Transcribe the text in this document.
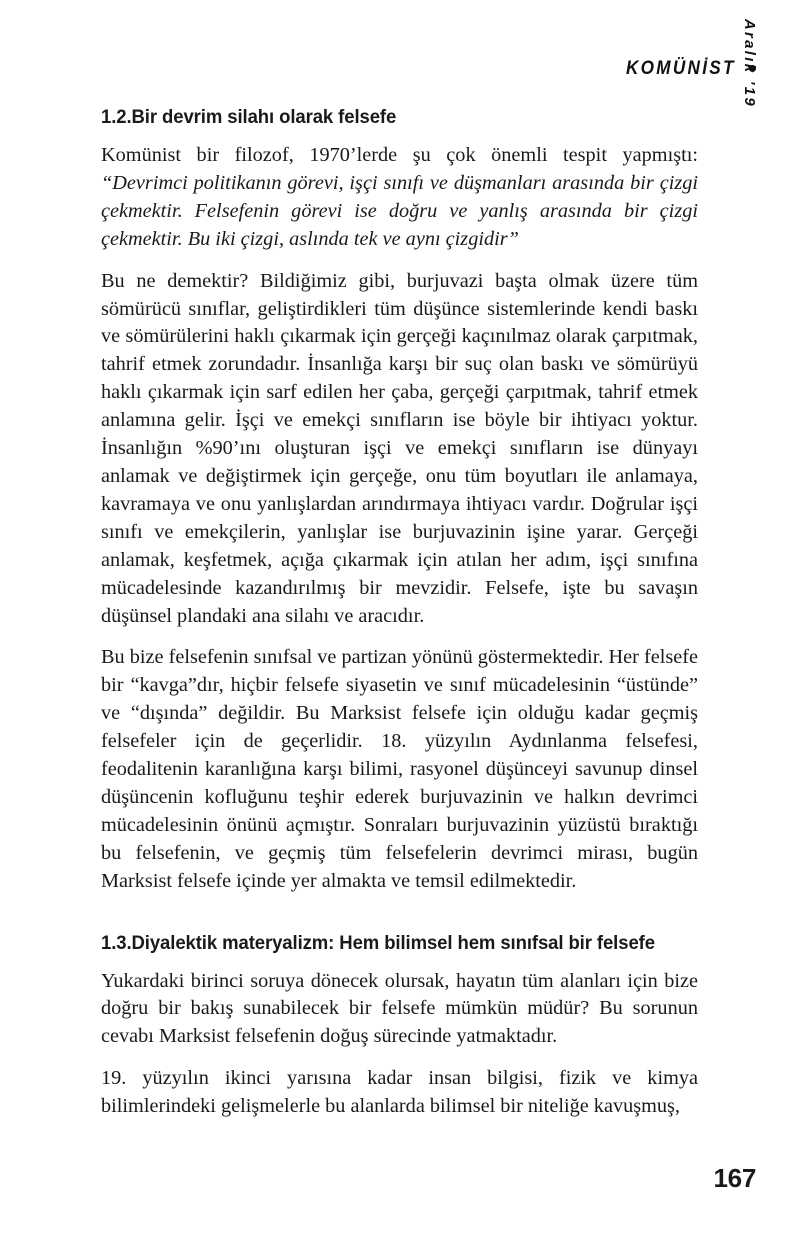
KOMÜNİST Aralık '19
1.2.Bir devrim silahı olarak felsefe

Komünist bir filozof, 1970’lerde şu çok önemli tespit yapmıştı:

“Devrimci politikanın görevi, işçi sınıfı ve düşmanları arasında bir çizgi çekmektir. Felsefenin görevi ise doğru ve yanlış arasında bir çizgi çekmektir. Bu iki çizgi, aslında tek ve aynı çizgidir”

Bu ne demektir? Bildiğimiz gibi, burjuvazi başta olmak üzere tüm sömürücü sınıflar, geliştirdikleri tüm düşünce sistemlerinde kendi baskı ve sömürülerini haklı çıkarmak için gerçeği kaçınılmaz olarak çarpıtmak, tahrif etmek zorundadır. İnsanlığa karşı bir suç olan baskı ve sömürüyü haklı çıkarmak için sarf edilen her çaba, gerçeği çarpıtmak, tahrif etmek anlamına gelir. İşçi ve emekçi sınıfların ise böyle bir ihtiyacı yoktur. İnsanlığın %90’ını oluşturan işçi ve emekçi sınıfların ise dünyayı anlamak ve değiştirmek için gerçeğe, onu tüm boyutları ile anlamaya, kavramaya ve onu yanlışlardan arındırmaya ihtiyacı vardır. Doğrular işçi sınıfı ve emekçilerin, yanlışlar ise burjuvazinin işine yarar. Gerçeği anlamak, keşfetmek, açığa çıkarmak için atılan her adım, işçi sınıfına mücadelesinde kazandırılmış bir mevzidir. Felsefe, işte bu savaşın düşünsel plandaki ana silahı ve aracıdır.

Bu bize felsefenin sınıfsal ve partizan yönünü göstermektedir. Her felsefe bir “kavga”dır, hiçbir felsefe siyasetin ve sınıf mücadelesinin “üstünde” ve “dışında” değildir. Bu Marksist felsefe için olduğu kadar geçmiş felsefeler için de geçerlidir. 18. yüzyılın Aydınlanma felsefesi, feodalitenin karanlığına karşı bilimi, rasyonel düşünceyi savunup dinsel düşüncenin kofluğunu teşhir ederek burjuvazinin ve halkın devrimci mücadelesinin önünü açmıştır. Sonraları burjuvazinin yüzüstü bıraktığı bu felsefenin, ve geçmiş tüm felsefelerin devrimci mirası, bugün Marksist felsefe içinde yer almakta ve temsil edilmektedir.

1.3.Diyalektik materyalizm: Hem bilimsel hem sınıfsal bir felsefe

Yukardaki birinci soruya dönecek olursak, hayatın tüm alanları için bize doğru bir bakış sunabilecek bir felsefe mümkün müdür? Bu sorunun cevabı Marksist felsefenin doğuş sürecinde yatmaktadır.

19. yüzyılın ikinci yarısına kadar insan bilgisi, fizik ve kimya bilimlerindeki gelişmelerle bu alanlarda bilimsel bir niteliğe kavuşmuş,

167
